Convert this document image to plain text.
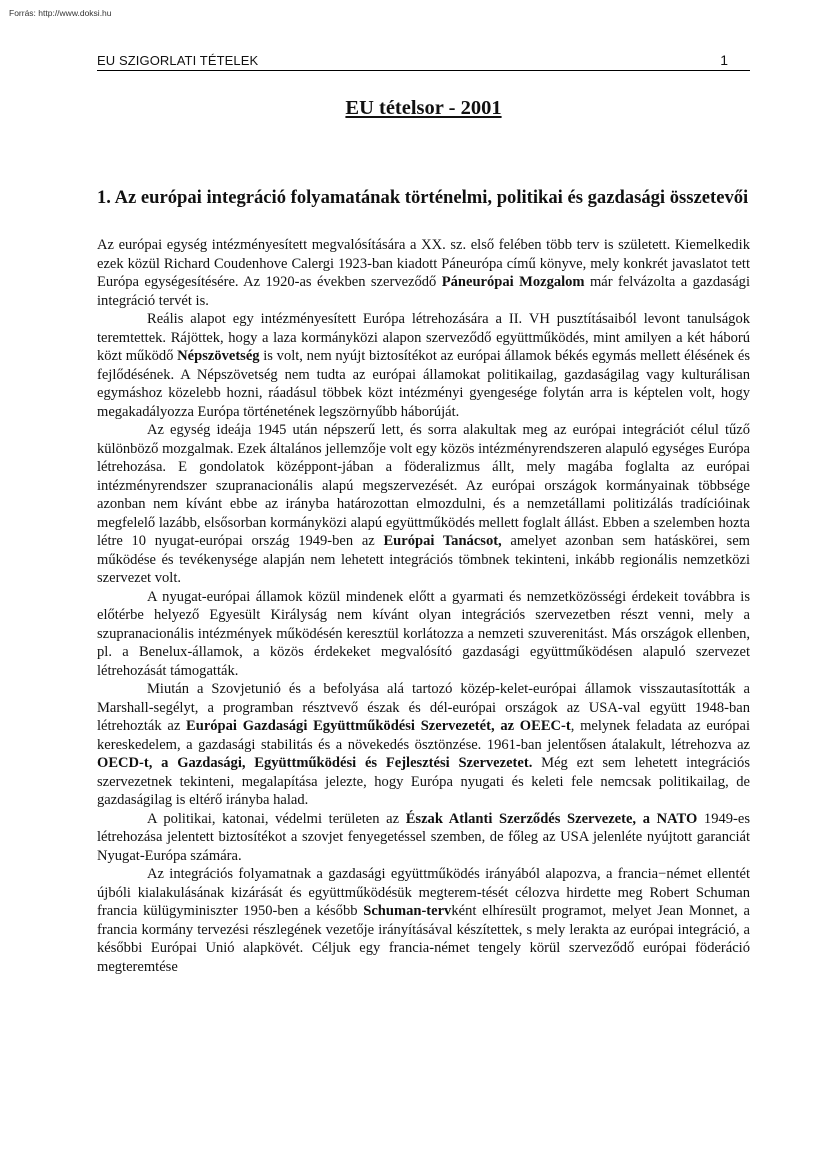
Forrás: http://www.doksi.hu
EU SZIGORLATI TÉTELEK	1
EU tételsor - 2001
1. Az európai integráció folyamatának történelmi, politikai és gazdasági összetevői

Az európai egység intézményesített megvalósítására a XX. sz. első felében több terv is született. Kiemelkedik ezek közül Richard Coudenhove Calergi 1923-ban kiadott Páneurópa című könyve, mely konkrét javaslatot tett Európa egységesítésére. Az 1920-as években szerveződő Páneurópai Mozgalom már felvázolta a gazdasági integráció tervét is.

Reális alapot egy intézményesített Európa létrehozására a II. VH pusztításaiból levont tanulságok teremtettek. Rájöttek, hogy a laza kormányközi alapon szerveződő együttműködés, mint amilyen a két háború közt működő Népszövetség is volt, nem nyújt biztosítékot az európai államok békés egymás mellett élésének és fejlődésének. A Népszövetség nem tudta az európai államokat politikailag, gazdaságilag vagy kulturálisan egymáshoz közelebb hozni, ráadásul többek közt intézményi gyengesége folytán arra is képtelen volt, hogy megakadályozza Európa történetének legszörnyűbb háborúját.

Az egység ideája 1945 után népszerű lett, és sorra alakultak meg az európai integrációt célul tűző különböző mozgalmak. Ezek általános jellemzője volt egy közös intézményrendszeren alapuló egységes Európa létrehozása. E gondolatok középpont-jában a föderalizmus állt, mely magába foglalta az európai intézményrendszer szupranacionális alapú megszervezését. Az európai országok kormányainak többsége azonban nem kívánt ebbe az irányba határozottan elmozdulni, és a nemzetállami politizálás tradícióinak megfelelő lazább, elsősorban kormányközi alapú együttműködés mellett foglalt állást. Ebben a szelemben hozta létre 10 nyugat-európai ország 1949-ben az Európai Tanácsot, amelyet azonban sem hatáskörei, sem működése és tevékenysége alapján nem lehetett integrációs tömbnek tekinteni, inkább regionális nemzetközi szervezet volt.

A nyugat-európai államok közül mindenek előtt a gyarmati és nemzetközösségi érdekeit továbbra is előtérbe helyező Egyesült Királyság nem kívánt olyan integrációs szervezetben részt venni, mely a szupranacionális intézmények működésén keresztül korlátozza a nemzeti szuverenitást. Más országok ellenben, pl. a Benelux-államok, a közös érdekeket megvalósító gazdasági együttműködésen alapuló szervezet létrehozását támogatták.

Miután a Szovjetunió és a befolyása alá tartozó közép-kelet-európai államok visszautasították a Marshall-segélyt, a programban résztvevő észak és dél-európai országok az USA-val együtt 1948-ban létrehozták az Európai Gazdasági Együttműködési Szervezetét, az OEEC-t, melynek feladata az európai kereskedelem, a gazdasági stabilitás és a növekedés ösztönzése. 1961-ban jelentősen átalakult, létrehozva az OECD-t, a Gazdasági, Együttműködési és Fejlesztési Szervezetet. Még ezt sem lehetett integrációs szervezetnek tekinteni, megalapítása jelezte, hogy Európa nyugati és keleti fele nemcsak politikailag, de gazdaságilag is eltérő irányba halad.

A politikai, katonai, védelmi területen az Észak Atlanti Szerződés Szervezete, a NATO 1949-es létrehozása jelentett biztosítékot a szovjet fenyegetéssel szemben, de főleg az USA jelenléte nyújtott garanciát Nyugat-Európa számára.

Az integrációs folyamatnak a gazdasági együttműködés irányából alapozva, a francia−német ellentét újbóli kialakulásának kizárását és együttműködésük megterem-tését célozva hirdette meg Robert Schuman francia külügyminiszter 1950-ben a később Schuman-tervként elhíresült programot, melyet Jean Monnet, a francia kormány tervezési részlegének vezetője irányításával készítettek, s mely lerakta az európai integráció, a későbbi Európai Unió alapkövét. Céljuk egy francia-német tengely körül szerveződő európai föderáció megteremtése
